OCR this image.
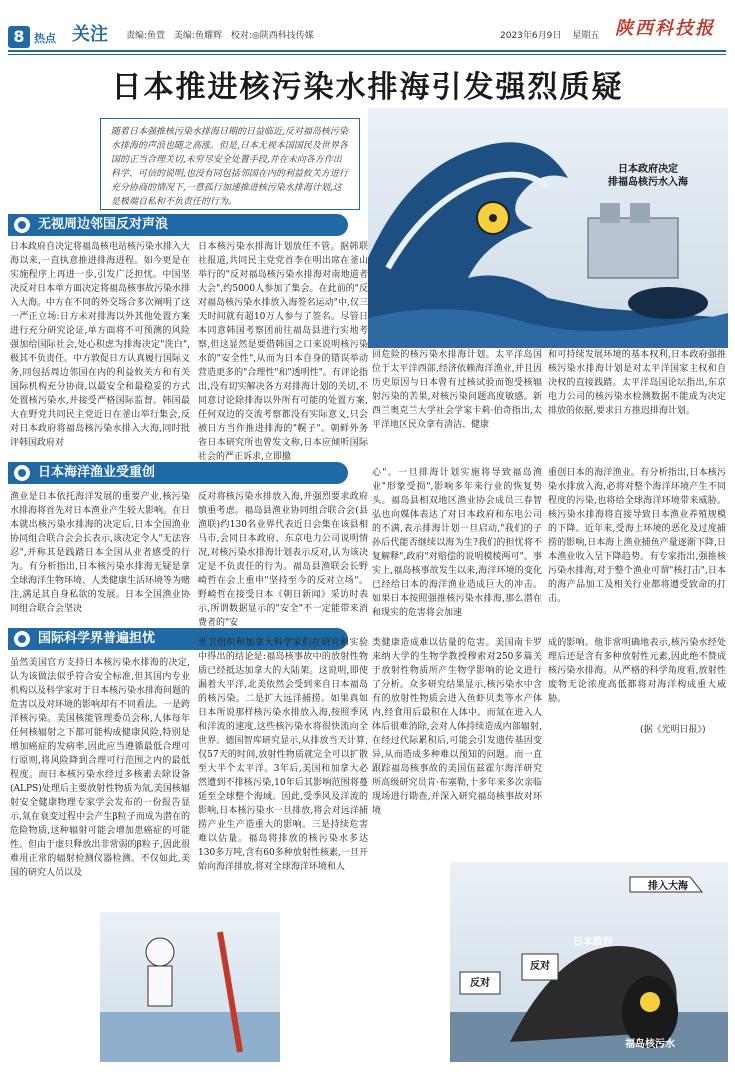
8 热点 关注 责编:鱼萱 美编:鱼耀辉 校对:◎陕西科技传媒	2023年6月9日 星期五 陕西科技报
日本推进核污染水排海引发强烈质疑
随着日本强推核污染水排海日期的日益临近,反对福岛核污染水排海的声浪也随之高涨。但是,日本无视本国国民及世界各国的正当合理关切,未穷尽安全处置手段,并在未向各方作出科学、可信的说明,也没有同包括邻国在内的利益攸关方进行充分协商的情况下,一意孤行加速推进核污染水排海计划,这是极端自私和不负责任的行为。
日本政府决定
排福岛核污水入海
无视周边邻国反对声浪
日本政府自决定将福岛核电站核污染水排入大海以来,一直执意推进排海进程。如今更是在实施程序上再进一步,引发广泛担忧。中国坚决反对日本单方面决定将福岛核事故污染水排入大海。中方在不同的外交场合多次阐明了这一严正立场:日方未对排海以外其他处置方案进行充分研究论证,单方面将不可预测的风险强加给国际社会,处心积虑为排海决定"洗白",极其不负责任。中方敦促日方认真履行国际义务,同包括周边邻国在内的利益攸关方和有关国际机构充分协商,以最安全和最稳妥的方式处置核污染水,并接受严格国际监督。韩国最大在野党共同民主党近日在釜山举行集会,反对日本政府将福岛核污染水排入大海,同时批评韩国政府对
日本核污染水排海计划放任不管。据韩联社报道,共同民主党党首李在明出席在釜山举行的"反对福岛核污染水排海对南地道者大会",约5000人参加了集会。在此前的"反对福岛核污染水排放入海签名运动"中,仅三天时间就有超10万人参与了签名。尽管日本同意韩国考察团前往福岛县进行实地考察,但这显然是要借韩国之口来说明核污染水的"安全性",从而为日本自身的错误举动营造更多的"合理性"和"透明性"。有评论指出,没有切实解决各方对排海计划的关切,不同意讨论除排海以外所有可能的处置方案,任何双边的交流考察都没有实际意义,只会被日方当作推进排海的"幌子"。朝鲜外务省日本研究所也曾发文称,日本应倾听国际社会的严正诉求,立即撤
回危险的核污染水排海计划。太平洋岛国位于太平洋西部,经济依赖海洋渔业,并且因历史原因与日本曾有过核试验而饱受核辐射污染的苦果,对核污染问题高度敏感。新西兰奥克兰大学社会学家卡莉·伯奇指出,太平洋地区民众拿有清洁、健康
和可持续发展环境的基本权利,日本政府强推核污染水排海计划是对太平洋国家主权和自决权的直接践踏。太平洋岛国论坛指出,东京电力公司的核污染水检测数据不能成为决定排放的依据,要求日方推迟排海计划。
日本海洋渔业受重创
渔业是日本依托海洋发展的重要产业,核污染水排海将首先对日本渔业产生较大影响。在日本就出核污染水排海的决定后,日本全国渔业协同组合联合会会长表示,该决定令人"无法容忍",并称其是践踏日本全国从业者感受的行为。有分析指出,日本核污染水排海无疑是拿全球海洋生物环境、人类健康生活环境等为赌注,满足其自身私欲的发展。日本全国渔业协同组合联合会坚决
反对将核污染水排放入海,并强烈要求政府慎重考虑。福岛县渔业协同组合联合会(县渔联)约130名业界代表近日会集在该县相马市,会同日本政府、东京电力公司说明情况,对核污染水排海计划表示反对,认为该决定是不负责任的行为。福岛县渔联会长野崎哲在会上重申"坚持至今的反对立场"。野崎哲在接受日本《朝日新闻》采访时表示,所谓数据显示的"安全"不一定能带来消费者的"安
心"。一旦排海计划实施将导致福岛渔业"形象受损",影响多年来行业的恢复势头。福岛县相双地区渔业协会成员三春智弘也向媒体表达了对日本政府和东电公司的不满,表示排海计划一旦启动,"我们的子孙后代能否继续以海为生?我们的担忧将不复解释",政府"对赔偿的说明模棱两可"。事实上,福岛核事故发生以来,海洋环境的变化已经给日本的海洋渔业造成巨大的冲击。如果日本按照强推核污染水排海,那么潜在和现实的危害将会加速
重创日本的海洋渔业。有分析指出,日本核污染水排放入海,必将对整个海洋环境产生不同程度的污染,也将给全球海洋环境带来威胁。核污染水排海将直接导致日本渔业养殖规模的下降。近年来,受海上环境的恶化及过度捕捞的影响,日本海上渔业捕鱼产量逐渐下降,日本渔业收入呈下降趋势。有专家指出,强推核污染水排海,对于整个渔业可谓"核打击",日本的海产品加工及相关行业都将遭受致命的打击。
国际科学界普遍担忧
虽然美国官方支持日本核污染水排海的决定,认为该做法似乎符合安全标准,但其国内专业机构以及科学家对于日本核污染水排海问题的危害以及对环境的影响却有不同看法。一是跨洋核污染。美国核能管理委员会称,人体每年任何核辐射之下都可能构成健康风险,特别是增加癌症的发病率,因此应当遵循最低合理可行原则,将风险降到合理可行范围之内的最低程度。而日本核污染水经过多核素去除设备(ALPS)处理后主要放射性物质为氚,美国核辐射安全健康物理专家学会发布的一份报告显示,氚在衰变过程中会产生β粒子而成为潜在的危险物质,这种辐射可能会增加患癌症的可能性。但由于虚只释放出非常弱的β粒子,因此很难用正常的辐射检测仪器检测。不仅如此,美国的研究人员以及
世卫组织和加拿大科学家们在研究和实验中得出的结论是:福岛核事故中的放射性物质已经抵达加拿大的大陆架。这说明,即使漏着大平洋,北美依然会受到来自日本福岛的核污染。二是扩大远洋捕捞。如果真如日本所说那样核污染水排放入海,按照季风和洋流的速度,这些核污染水将很快流向全世界。德国智库研究显示,从排放当天计算,仅57天的时间,放射性物质就完全可以扩散至大半个太平洋。3年后,美国和加拿大必然遭到不排核污染,10年后其影响范围将蔓延至全球整个海域。因此,受季风及洋流的影响,日本核污染水一旦排放,将会对远洋捕捞产业生产造重大的影响。三是持续危害难以估量。福岛将排放的核污染水多达130多万吨,含有60多种放射性核素,一旦开始向海洋排放,将对全球海洋环境和人
类健康造成难以估量的危害。美国南卡罗来纳大学的生物学教授穆索对250多篇关于放射性物质所产生物学影响的论文进行了分析。众多研究结果显示,核污染水中含有的放射性物质会进入鱼虾贝类等水产体内,经食用后最积在人体中。而氚在进入人体后很难消除,会对人体持续造成内部辐射,在经过代际累积后,可能会引发遗传基因变异,从而造成多种难以预知的问题。而一直跟踪福岛核事故的美国伍兹霍尔海洋研究所高级研究员肯·布塞勒,十多年来多次亲临现场进行勘查,并深入研究福岛核事故对环境
成的影响。他非常明确地表示,核污染水经处理后还是含有多种放射性元素,因此绝不赞成核污染水排海。从严格的科学角度看,放射性废物无论浓度高低都将对海洋构成重大威胁。
(据《光明日报》)
排入大海
反对
反对
日本政府
福岛核污水
